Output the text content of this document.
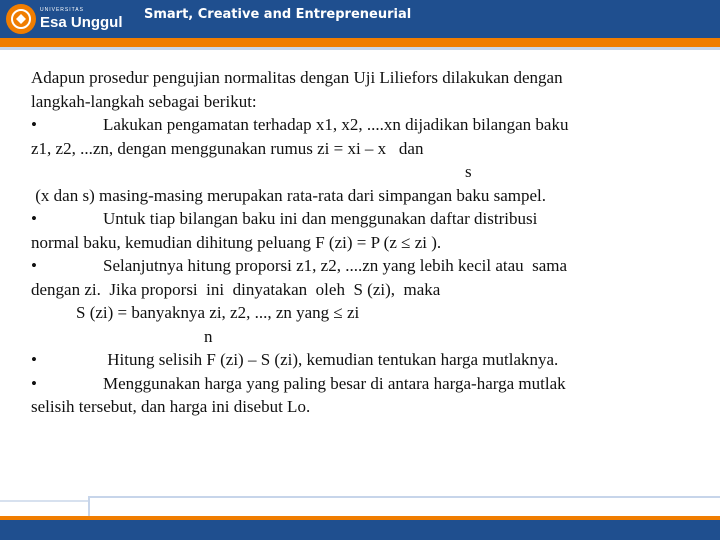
UNIVERSITAS
Esa Unggul Smart, Creative and Entrepreneurial
Adapun prosedur pengujian normalitas dengan Uji Liliefors dilakukan dengan
langkah-langkah sebagai berikut:
•	Lakukan pengamatan terhadap x1, x2, ....xn dijadikan bilangan baku
z1, z2, ...zn, dengan menggunakan rumus zi = xi – x   dan
s
(x dan s) masing-masing merupakan rata-rata dari simpangan baku sampel.
•	Untuk tiap bilangan baku ini dan menggunakan daftar distribusi
normal baku, kemudian dihitung peluang F (zi) = P (z ≤ zi ).
•	Selanjutnya hitung proporsi z1, z2, ....zn yang lebih kecil atau  sama
dengan zi.  Jika proporsi  ini  dinyatakan  oleh  S (zi),  maka
S (zi) = banyaknya zi, z2, ..., zn yang ≤ zi
n
•	Hitung selisih F (zi) – S (zi), kemudian tentukan harga mutlaknya.
•	Menggunakan harga yang paling besar di antara harga-harga mutlak
selisih tersebut, dan harga ini disebut Lo.
